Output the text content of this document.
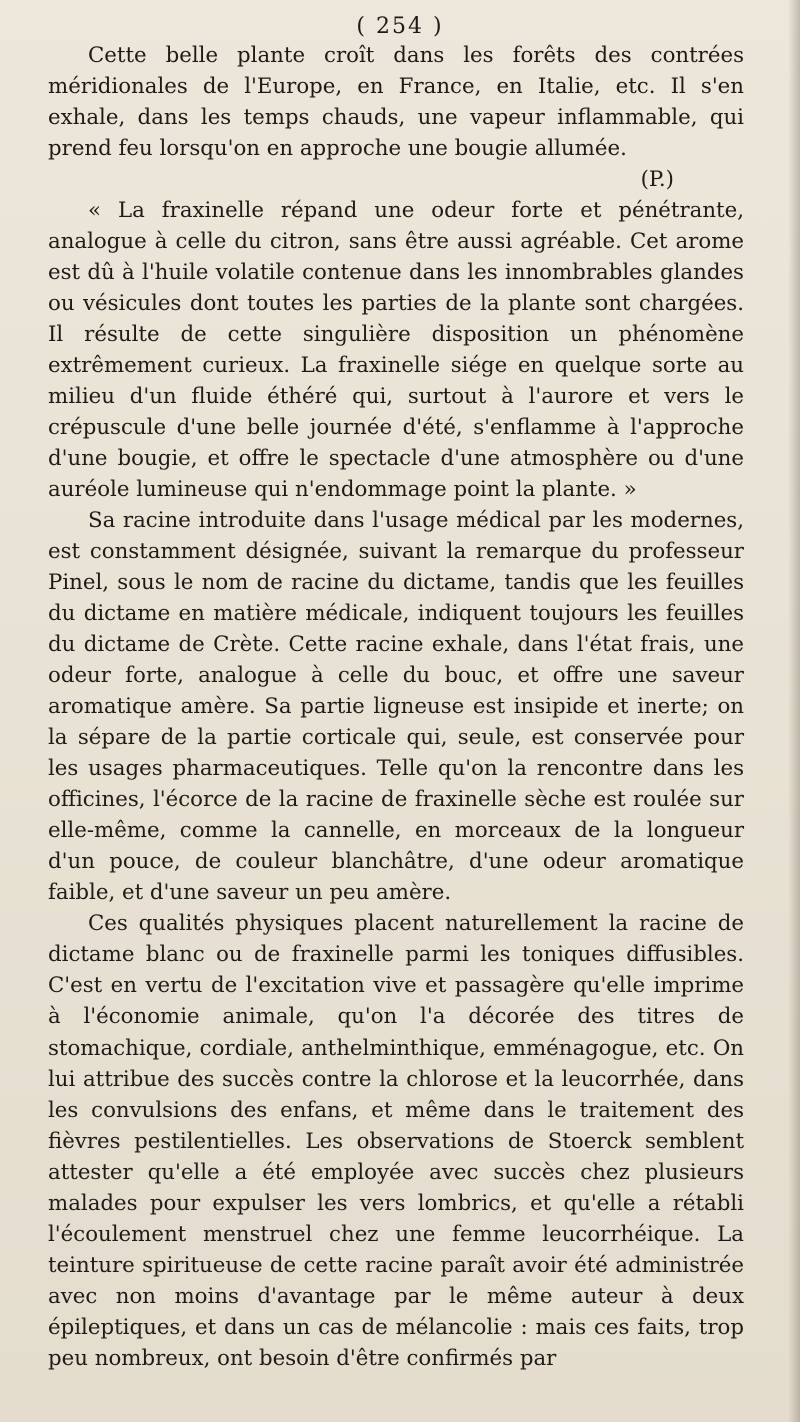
( 254 )

Cette belle plante croît dans les forêts des contrées méridionales de l'Europe, en France, en Italie, etc. Il s'en exhale, dans les temps chauds, une vapeur inflammable, qui prend feu lorsqu'on en approche une bougie allumée.

(P.)

« La fraxinelle répand une odeur forte et pénétrante, analogue à celle du citron, sans être aussi agréable. Cet arome est dû à l'huile volatile contenue dans les innombrables glandes ou vésicules dont toutes les parties de la plante sont chargées. Il résulte de cette singulière disposition un phénomène extrêmement curieux. La fraxinelle siége en quelque sorte au milieu d'un fluide éthéré qui, surtout à l'aurore et vers le crépuscule d'une belle journée d'été, s'enflamme à l'approche d'une bougie, et offre le spectacle d'une atmosphère ou d'une auréole lumineuse qui n'endommage point la plante. »

Sa racine introduite dans l'usage médical par les modernes, est constamment désignée, suivant la remarque du professeur Pinel, sous le nom de racine du dictame, tandis que les feuilles du dictame en matière médicale, indiquent toujours les feuilles du dictame de Crète. Cette racine exhale, dans l'état frais, une odeur forte, analogue à celle du bouc, et offre une saveur aromatique amère. Sa partie ligneuse est insipide et inerte; on la sépare de la partie corticale qui, seule, est conservée pour les usages pharmaceutiques. Telle qu'on la rencontre dans les officines, l'écorce de la racine de fraxinelle sèche est roulée sur elle-même, comme la cannelle, en morceaux de la longueur d'un pouce, de couleur blanchâtre, d'une odeur aromatique faible, et d'une saveur un peu amère.

Ces qualités physiques placent naturellement la racine de dictame blanc ou de fraxinelle parmi les toniques diffusibles. C'est en vertu de l'excitation vive et passagère qu'elle imprime à l'économie animale, qu'on l'a décorée des titres de stomachique, cordiale, anthelminthique, emménagogue, etc. On lui attribue des succès contre la chlorose et la leucorrhée, dans les convulsions des enfans, et même dans le traitement des fièvres pestilentielles. Les observations de Stoerck semblent attester qu'elle a été employée avec succès chez plusieurs malades pour expulser les vers lombrics, et qu'elle a rétabli l'écoulement menstruel chez une femme leucorrhéique. La teinture spiritueuse de cette racine paraît avoir été administrée avec non moins d'avantage par le même auteur à deux épileptiques, et dans un cas de mélancolie : mais ces faits, trop peu nombreux, ont besoin d'être confirmés par
